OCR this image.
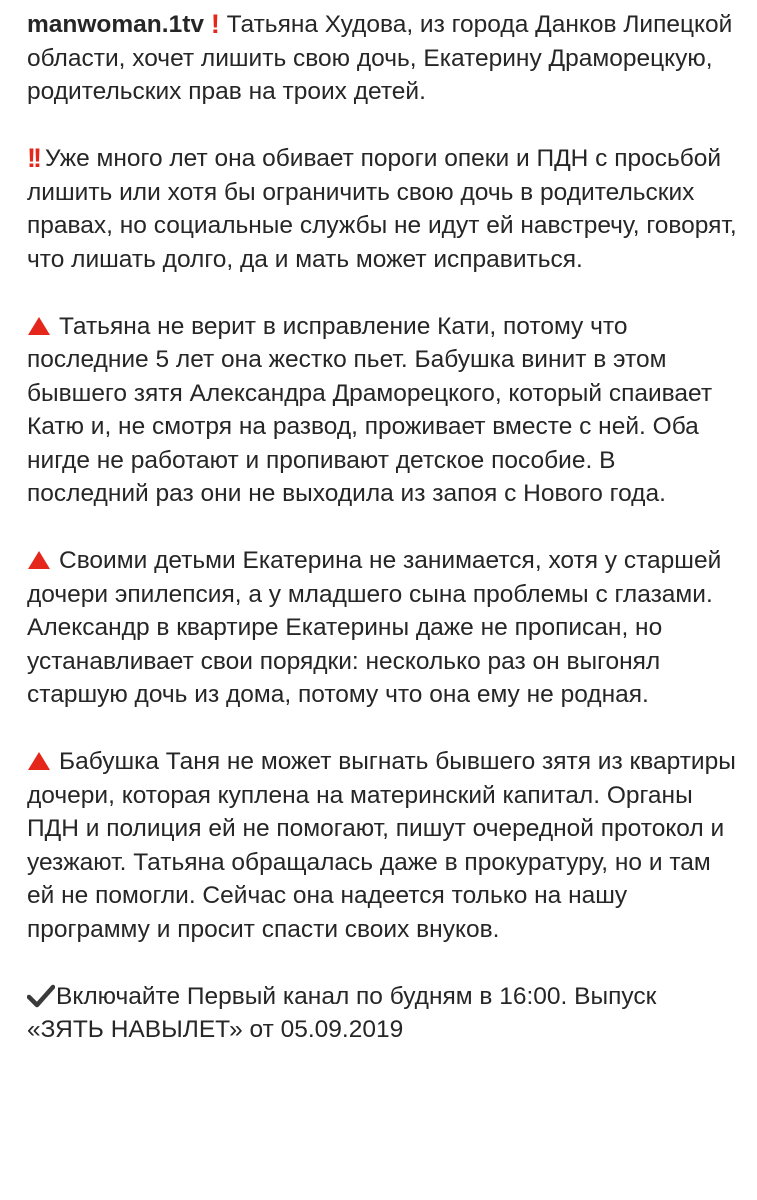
manwoman.1tv ! Татьяна Худова, из города Данков Липецкой области, хочет лишить свою дочь, Екатерину Драморецкую, родительских прав на троих детей.

!! Уже много лет она обивает пороги опеки и ПДН с просьбой лишить или хотя бы ограничить свою дочь в родительских правах, но социальные службы не идут ей навстречу, говорят, что лишать долго, да и мать может исправиться.

Татьяна не верит в исправление Кати, потому что последние 5 лет она жестко пьет. Бабушка винит в этом бывшего зятя Александра Драморецкого, который спаивает Катю и, не смотря на развод, проживает вместе с ней. Оба нигде не работают и пропивают детское пособие. В последний раз они не выходила из запоя с Нового года.

Своими детьми Екатерина не занимается, хотя у старшей дочери эпилепсия, а у младшего сына проблемы с глазами. Александр в квартире Екатерины даже не прописан, но устанавливает свои порядки: несколько раз он выгонял старшую дочь из дома, потому что она ему не родная.

Бабушка Таня не может выгнать бывшего зятя из квартиры дочери, которая куплена на материнский капитал. Органы ПДН и полиция ей не помогают, пишут очередной протокол и уезжают. Татьяна обращалась даже в прокуратуру, но и там ей не помогли. Сейчас она надеется только на нашу программу и просит спасти своих внуков.

Включайте Первый канал по будням в 16:00. Выпуск «ЗЯТЬ НАВЫЛЕТ» от 05.09.2019
